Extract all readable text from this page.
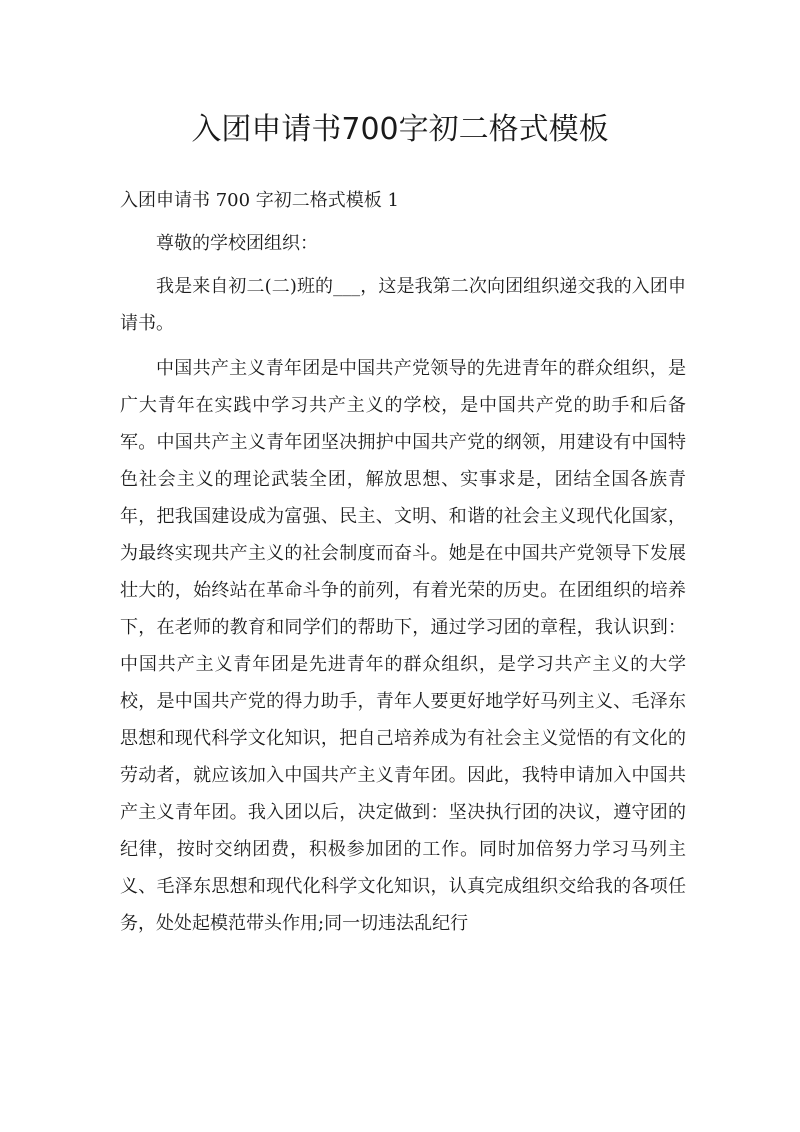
入团申请书700字初二格式模板
入团申请书 700 字初二格式模板 1
尊敬的学校团组织：
我是来自初二(二)班的___，这是我第二次向团组织递交我的入团申请书。
中国共产主义青年团是中国共产党领导的先进青年的群众组织，是广大青年在实践中学习共产主义的学校，是中国共产党的助手和后备军。中国共产主义青年团坚决拥护中国共产党的纲领，用建设有中国特色社会主义的理论武装全团，解放思想、实事求是，团结全国各族青年，把我国建设成为富强、民主、文明、和谐的社会主义现代化国家，为最终实现共产主义的社会制度而奋斗。她是在中国共产党领导下发展壮大的，始终站在革命斗争的前列，有着光荣的历史。在团组织的培养下，在老师的教育和同学们的帮助下，通过学习团的章程，我认识到：中国共产主义青年团是先进青年的群众组织，是学习共产主义的大学校，是中国共产党的得力助手，青年人要更好地学好马列主义、毛泽东思想和现代科学文化知识，把自己培养成为有社会主义觉悟的有文化的劳动者，就应该加入中国共产主义青年团。因此，我特申请加入中国共产主义青年团。我入团以后，决定做到：坚决执行团的决议，遵守团的纪律，按时交纳团费，积极参加团的工作。同时加倍努力学习马列主义、毛泽东思想和现代化科学文化知识，认真完成组织交给我的各项任务，处处起模范带头作用;同一切违法乱纪行
